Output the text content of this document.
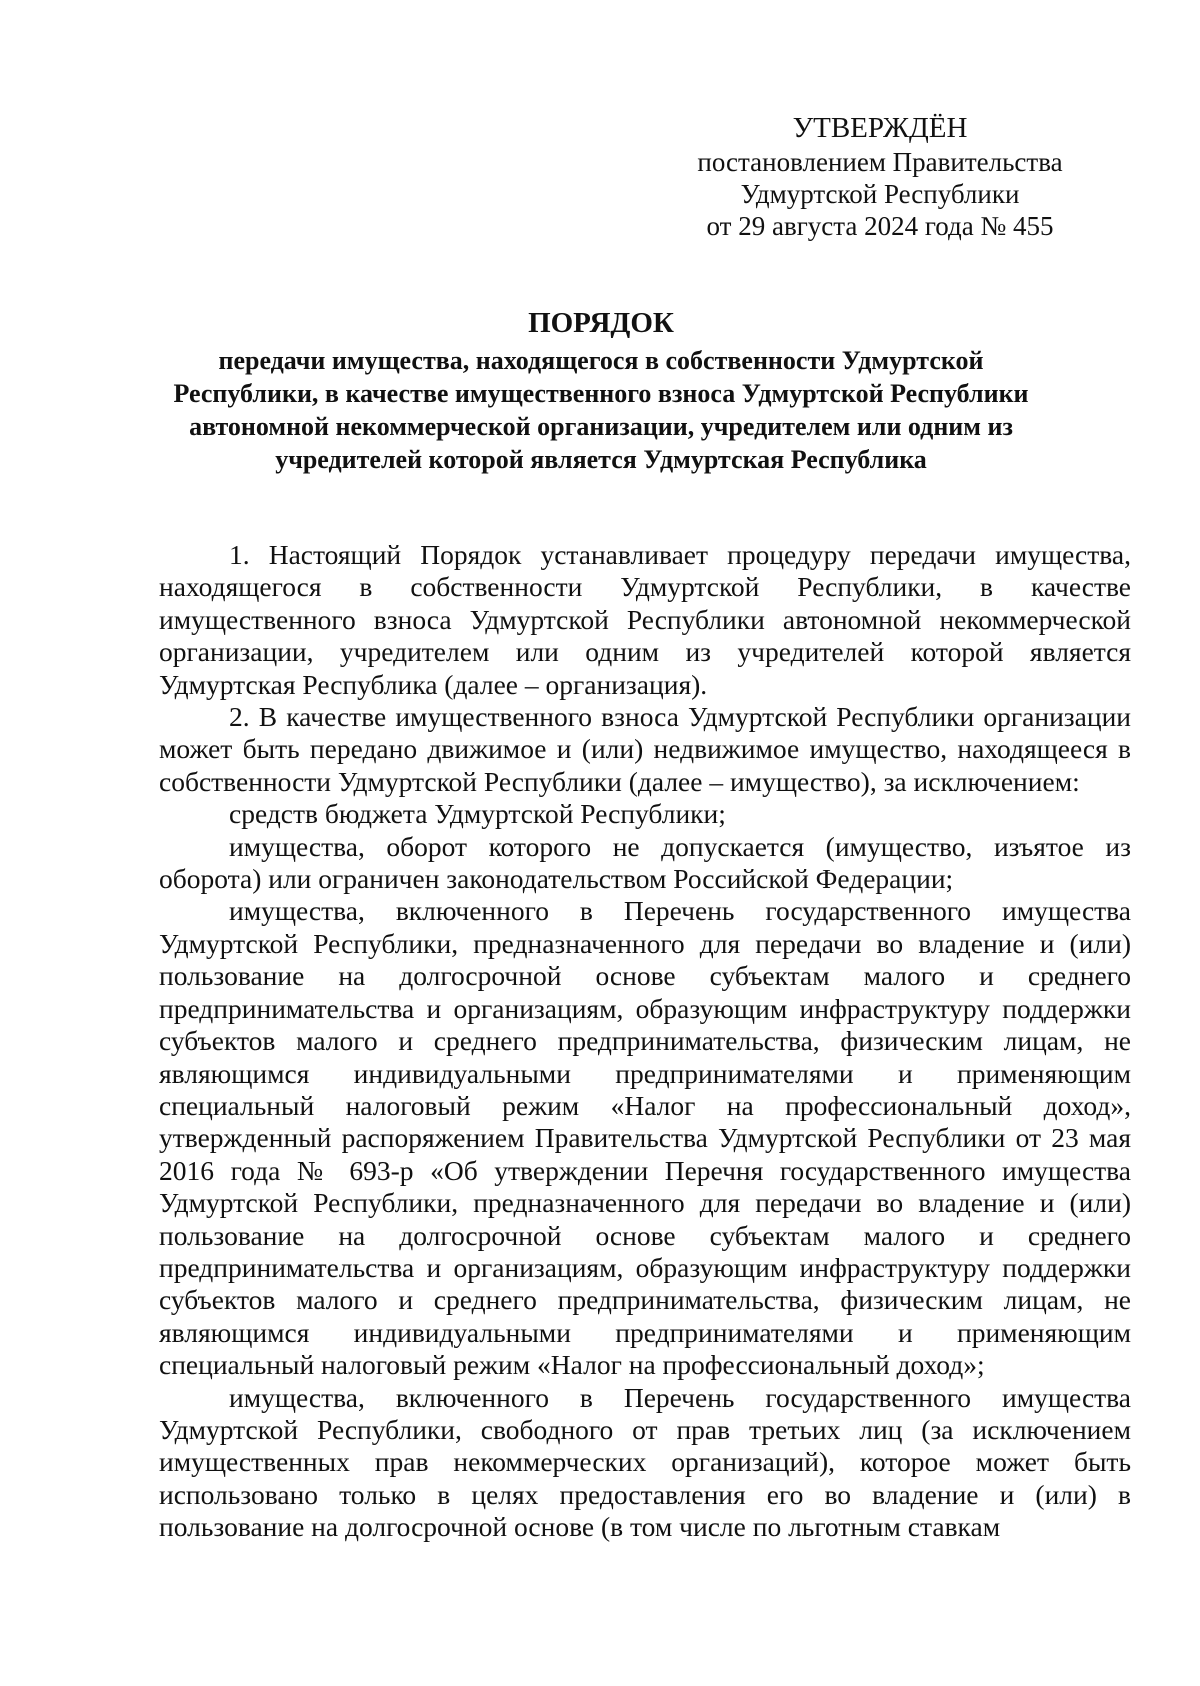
УТВЕРЖДЁН
постановлением Правительства
Удмуртской Республики
от 29 августа 2024 года № 455
ПОРЯДОК
передачи имущества, находящегося в собственности Удмуртской Республики, в качестве имущественного взноса Удмуртской Республики автономной некоммерческой организации, учредителем или одним из учредителей которой является Удмуртская Республика

1. Настоящий Порядок устанавливает процедуру передачи имущества, находящегося в собственности Удмуртской Республики, в качестве имущественного взноса Удмуртской Республики автономной некоммерческой организации, учредителем или одним из учредителей которой является Удмуртская Республика (далее – организация).

2. В качестве имущественного взноса Удмуртской Республики организации может быть передано движимое и (или) недвижимое имущество, находящееся в собственности Удмуртской Республики (далее – имущество), за исключением:

средств бюджета Удмуртской Республики;

имущества, оборот которого не допускается (имущество, изъятое из оборота) или ограничен законодательством Российской Федерации;

имущества, включенного в Перечень государственного имущества Удмуртской Республики, предназначенного для передачи во владение и (или) пользование на долгосрочной основе субъектам малого и среднего предпринимательства и организациям, образующим инфраструктуру поддержки субъектов малого и среднего предпринимательства, физическим лицам, не являющимся индивидуальными предпринимателями и применяющим специальный налоговый режим «Налог на профессиональный доход», утвержденный распоряжением Правительства Удмуртской Республики от 23 мая 2016 года № 693-р «Об утверждении Перечня государственного имущества Удмуртской Республики, предназначенного для передачи во владение и (или) пользование на долгосрочной основе субъектам малого и среднего предпринимательства и организациям, образующим инфраструктуру поддержки субъектов малого и среднего предпринимательства, физическим лицам, не являющимся индивидуальными предпринимателями и применяющим специальный налоговый режим «Налог на профессиональный доход»;

имущества, включенного в Перечень государственного имущества Удмуртской Республики, свободного от прав третьих лиц (за исключением имущественных прав некоммерческих организаций), которое может быть использовано только в целях предоставления его во владение и (или) в пользование на долгосрочной основе (в том числе по льготным ставкам
